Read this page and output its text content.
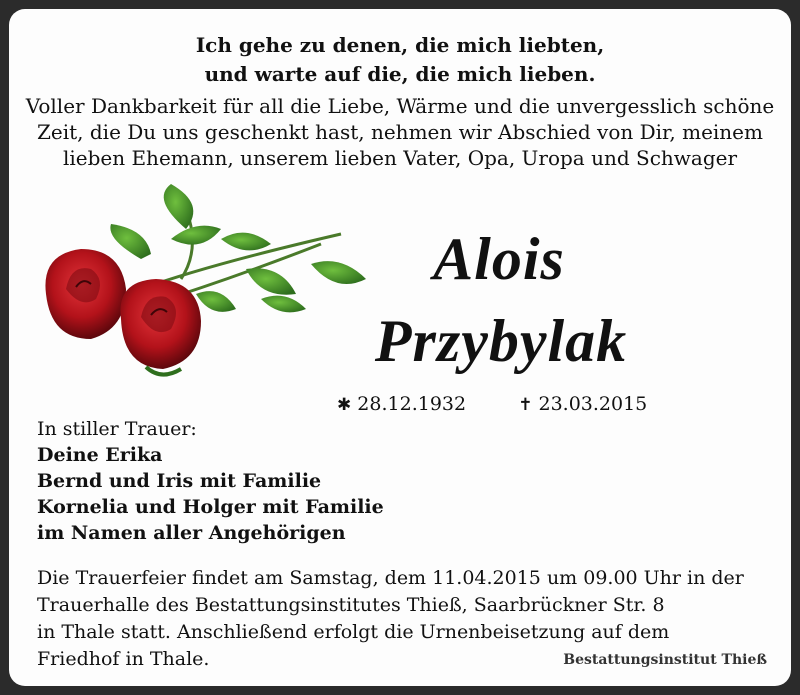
Ich gehe zu denen, die mich liebten,
und warte auf die, die mich lieben.
Voller Dankbarkeit für all die Liebe, Wärme und die unvergesslich schöne
Zeit, die Du uns geschenkt hast, nehmen wir Abschied von Dir, meinem
lieben Ehemann, unserem lieben Vater, Opa, Uropa und Schwager
Alois
Przybylak
✱ 28.12.1932	✝ 23.03.2015
In stiller Trauer:
Deine Erika
Bernd und Iris mit Familie
Kornelia und Holger mit Familie
im Namen aller Angehörigen
Die Trauerfeier findet am Samstag, dem 11.04.2015 um 09.00 Uhr in der
Trauerhalle des Bestattungsinstitutes Thieß, Saarbrückner Str. 8
in Thale statt. Anschließend erfolgt die Urnenbeisetzung auf dem
Friedhof in Thale.	Bestattungsinstitut Thieß
